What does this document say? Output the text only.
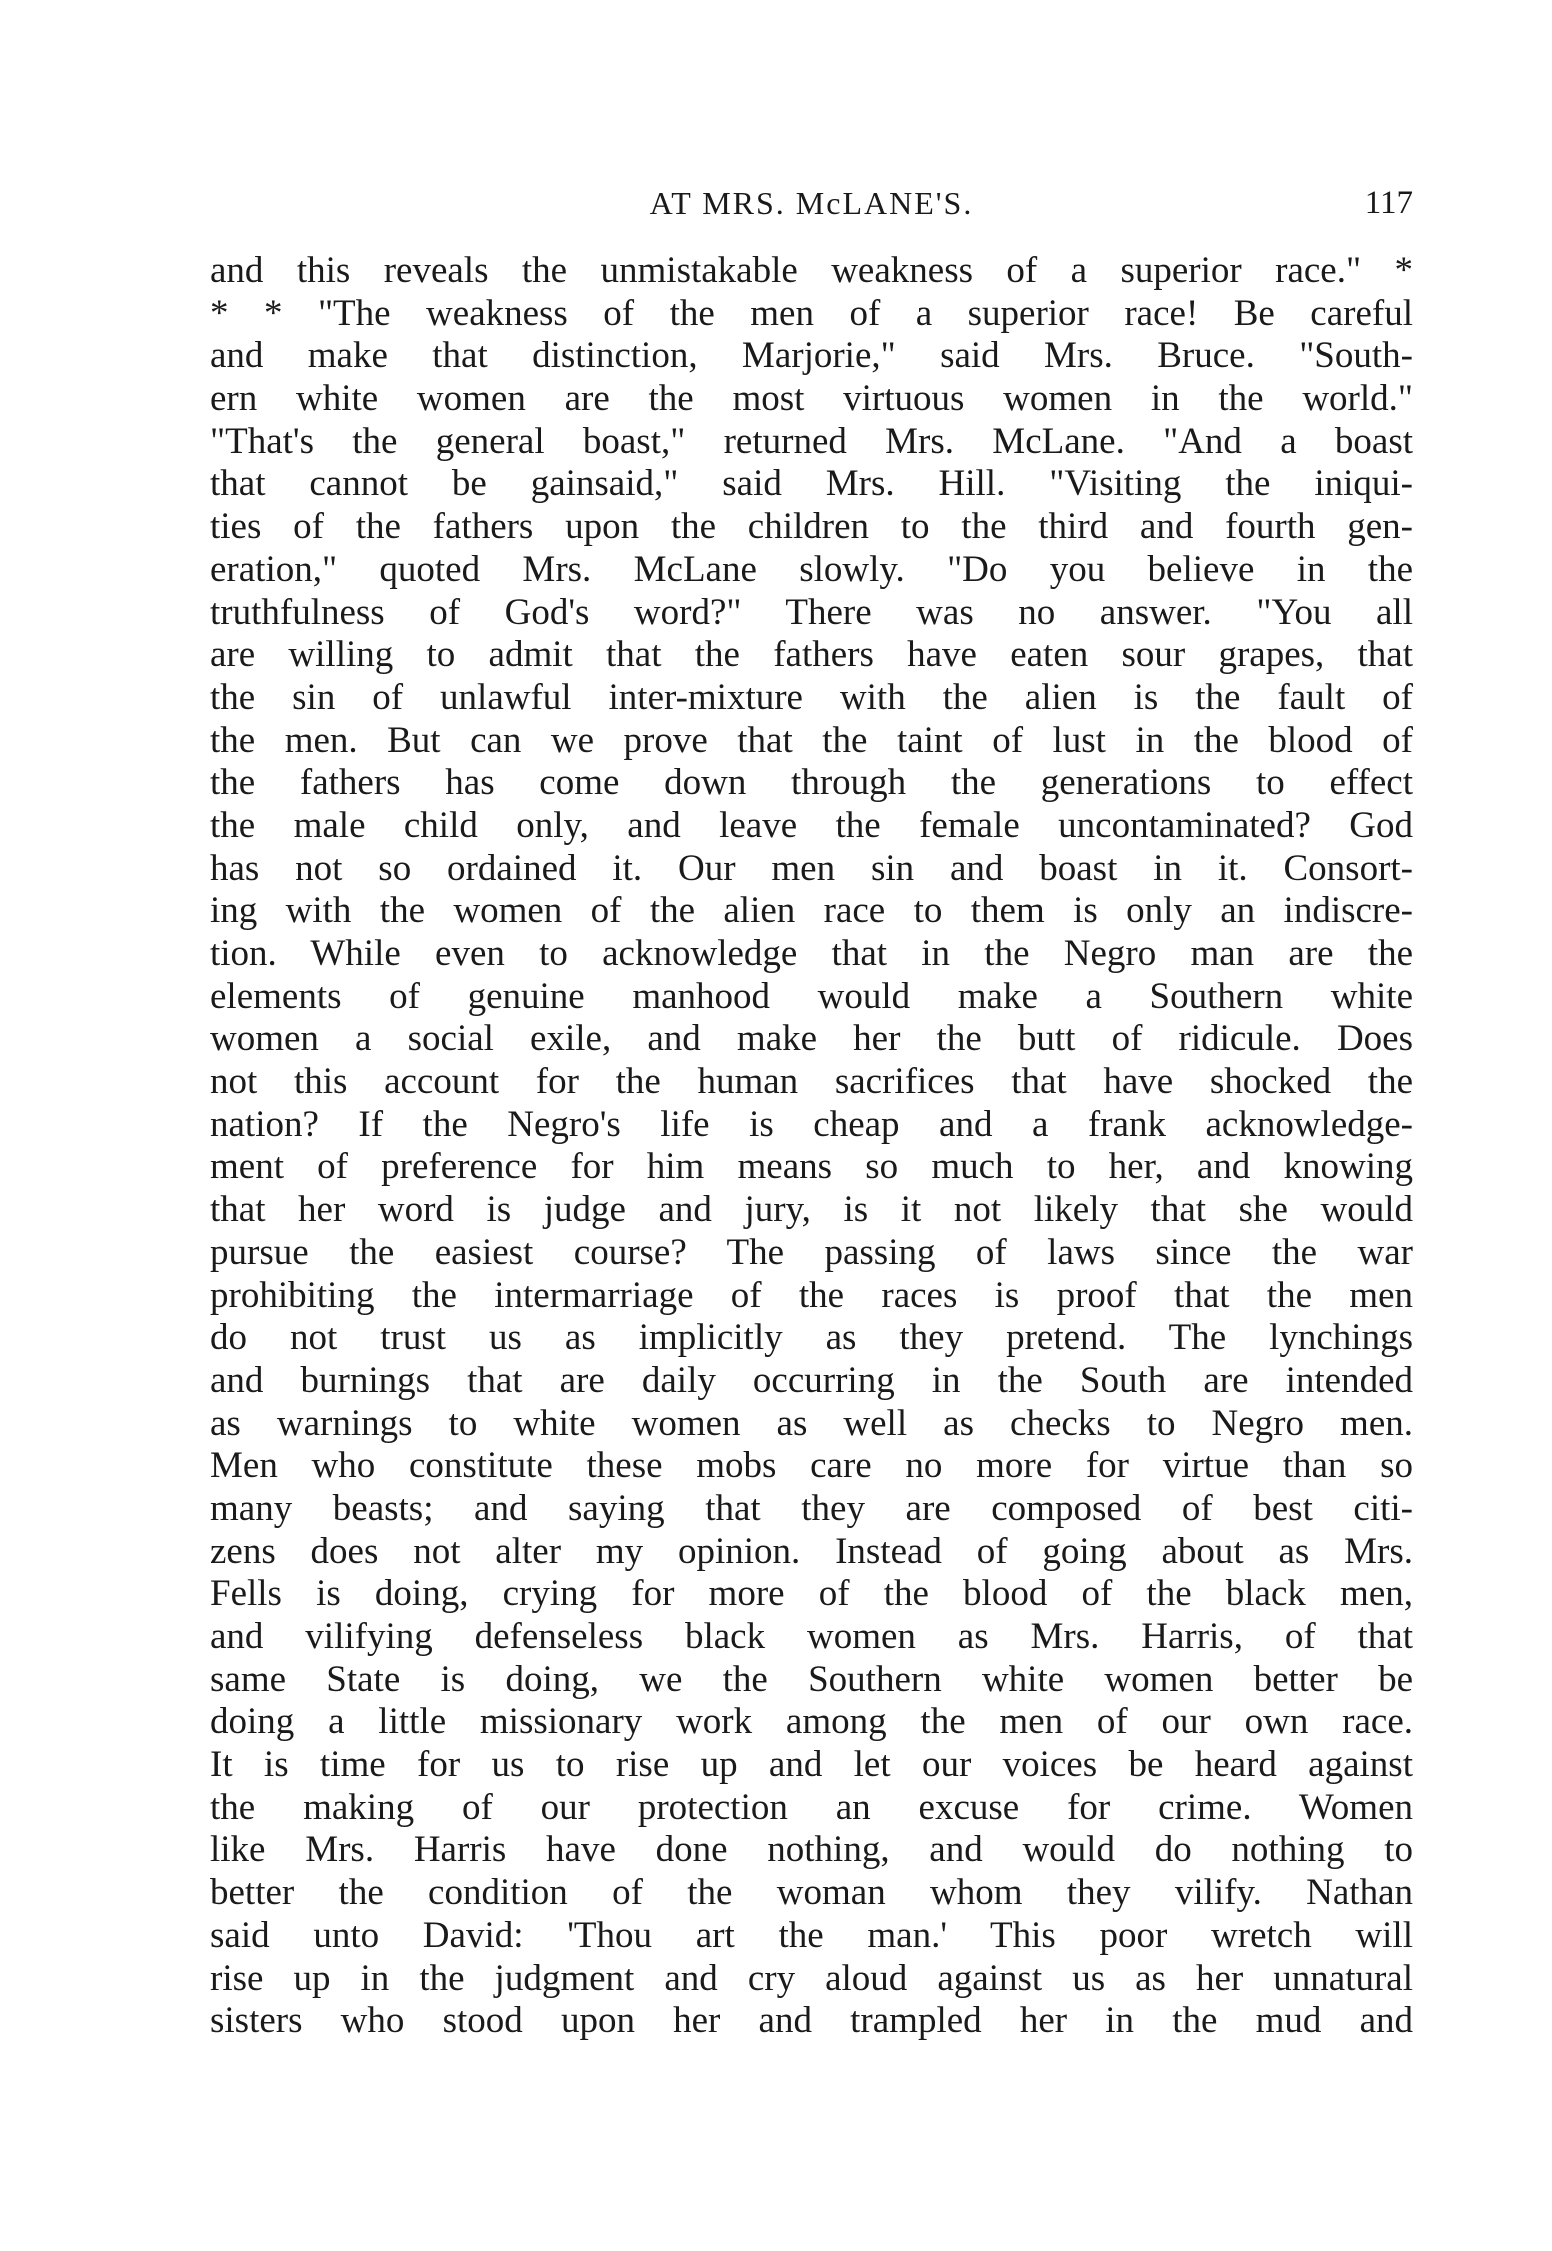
AT MRS. McLANE'S.	117
and this reveals the unmistakable weakness of a superior race." *
* * "The weakness of the men of a superior race! Be careful
and make that distinction, Marjorie," said Mrs. Bruce. "South-
ern white women are the most virtuous women in the world."
"That's the general boast," returned Mrs. McLane. "And a boast
that cannot be gainsaid," said Mrs. Hill. "Visiting the iniqui-
ties of the fathers upon the children to the third and fourth gen-
eration," quoted Mrs. McLane slowly. "Do you believe in the
truthfulness of God's word?" There was no answer. "You all
are willing to admit that the fathers have eaten sour grapes, that
the sin of unlawful inter-mixture with the alien is the fault of
the men. But can we prove that the taint of lust in the blood of
the fathers has come down through the generations to effect
the male child only, and leave the female uncontaminated? God
has not so ordained it. Our men sin and boast in it. Consort-
ing with the women of the alien race to them is only an indiscre-
tion. While even to acknowledge that in the Negro man are the
elements of genuine manhood would make a Southern white
women a social exile, and make her the butt of ridicule. Does
not this account for the human sacrifices that have shocked the
nation? If the Negro's life is cheap and a frank acknowledge-
ment of preference for him means so much to her, and knowing
that her word is judge and jury, is it not likely that she would
pursue the easiest course? The passing of laws since the war
prohibiting the intermarriage of the races is proof that the men
do not trust us as implicitly as they pretend. The lynchings
and burnings that are daily occurring in the South are intended
as warnings to white women as well as checks to Negro men.
Men who constitute these mobs care no more for virtue than so
many beasts; and saying that they are composed of best citi-
zens does not alter my opinion. Instead of going about as Mrs.
Fells is doing, crying for more of the blood of the black men,
and vilifying defenseless black women as Mrs. Harris, of that
same State is doing, we the Southern white women better be
doing a little missionary work among the men of our own race.
It is time for us to rise up and let our voices be heard against
the making of our protection an excuse for crime. Women
like Mrs. Harris have done nothing, and would do nothing to
better the condition of the woman whom they vilify. Nathan
said unto David: 'Thou art the man.' This poor wretch will
rise up in the judgment and cry aloud against us as her unnatural
sisters who stood upon her and trampled her in the mud and
